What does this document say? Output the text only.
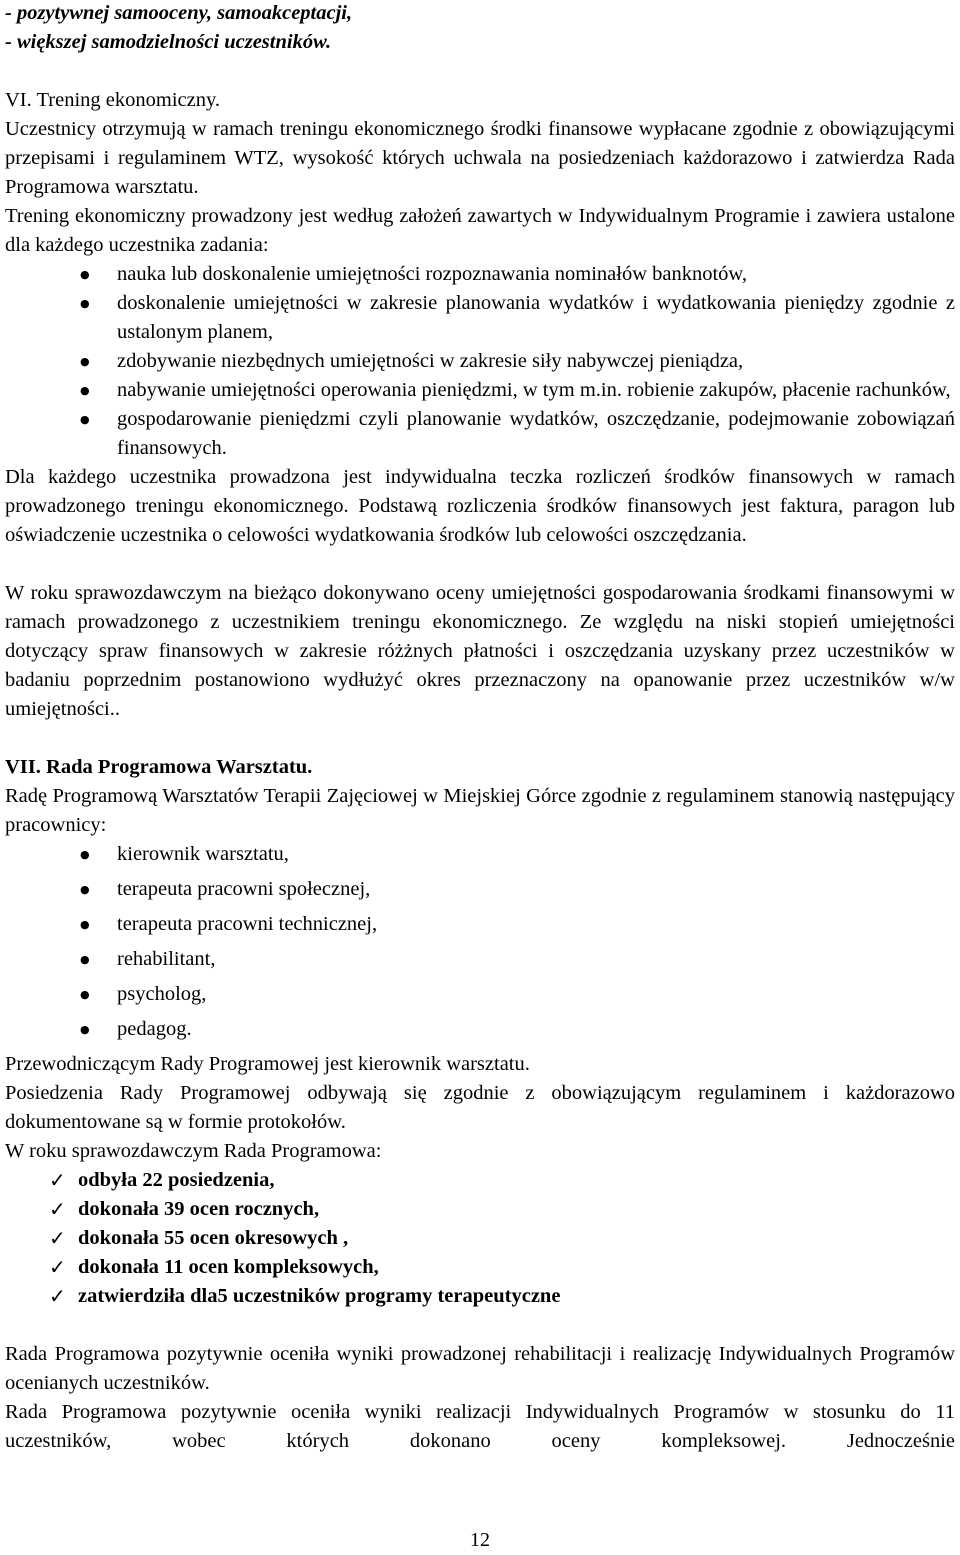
- pozytywnej samooceny, samoakceptacji,

- większej samodzielności uczestników.

VI. Trening ekonomiczny.

Uczestnicy otrzymują w ramach treningu ekonomicznego środki finansowe wypłacane zgodnie z obowiązującymi przepisami i regulaminem WTZ, wysokość których uchwala na posiedzeniach każdorazowo i zatwierdza Rada Programowa warsztatu.

Trening ekonomiczny prowadzony jest według założeń zawartych w Indywidualnym Programie i zawiera ustalone dla każdego uczestnika zadania:

● nauka lub doskonalenie umiejętności rozpoznawania nominałów banknotów,
● doskonalenie umiejętności w zakresie planowania wydatków i wydatkowania pieniędzy zgodnie z ustalonym planem,
● zdobywanie niezbędnych umiejętności w zakresie siły nabywczej pieniądza,
● nabywanie umiejętności operowania pieniędzmi, w tym m.in. robienie zakupów, płacenie rachunków,
● gospodarowanie pieniędzmi czyli planowanie wydatków, oszczędzanie, podejmowanie zobowiązań finansowych.

Dla każdego uczestnika prowadzona jest indywidualna teczka rozliczeń środków finansowych w ramach prowadzonego treningu ekonomicznego. Podstawą rozliczenia środków finansowych jest faktura, paragon lub oświadczenie uczestnika o celowości wydatkowania środków lub celowości oszczędzania.

W roku sprawozdawczym na bieżąco dokonywano oceny umiejętności gospodarowania środkami finansowymi w ramach prowadzonego z uczestnikiem treningu ekonomicznego. Ze względu na niski stopień umiejętności dotyczący spraw finansowych w zakresie różżnych płatności i oszczędzania uzyskany przez uczestników w badaniu poprzednim postanowiono wydłużyć okres przeznaczony na opanowanie przez uczestników w/w umiejętności..

VII. Rada Programowa Warsztatu.

Radę Programową Warsztatów Terapii Zajęciowej w Miejskiej Górce zgodnie z regulaminem stanowią następujący pracownicy:

● kierownik warsztatu,
● terapeuta pracowni społecznej,
● terapeuta pracowni technicznej,
● rehabilitant,
● psycholog,
● pedagog.

Przewodniczącym Rady Programowej jest kierownik warsztatu.

Posiedzenia Rady Programowej odbywają się zgodnie z obowiązującym regulaminem i każdorazowo dokumentowane są w formie protokołów.

W roku sprawozdawczym Rada Programowa:

✓ odbyła 22 posiedzenia,
✓ dokonała 39 ocen rocznych,
✓ dokonała 55 ocen okresowych ,
✓ dokonała 11 ocen kompleksowych,
✓ zatwierdziła dla5 uczestników programy terapeutyczne

Rada Programowa pozytywnie oceniła wyniki prowadzonej rehabilitacji i realizację Indywidualnych Programów ocenianych uczestników.

Rada Programowa pozytywnie oceniła wyniki realizacji Indywidualnych Programów w stosunku do 11 uczestników, wobec których dokonano oceny kompleksowej. Jednocześnie

12
